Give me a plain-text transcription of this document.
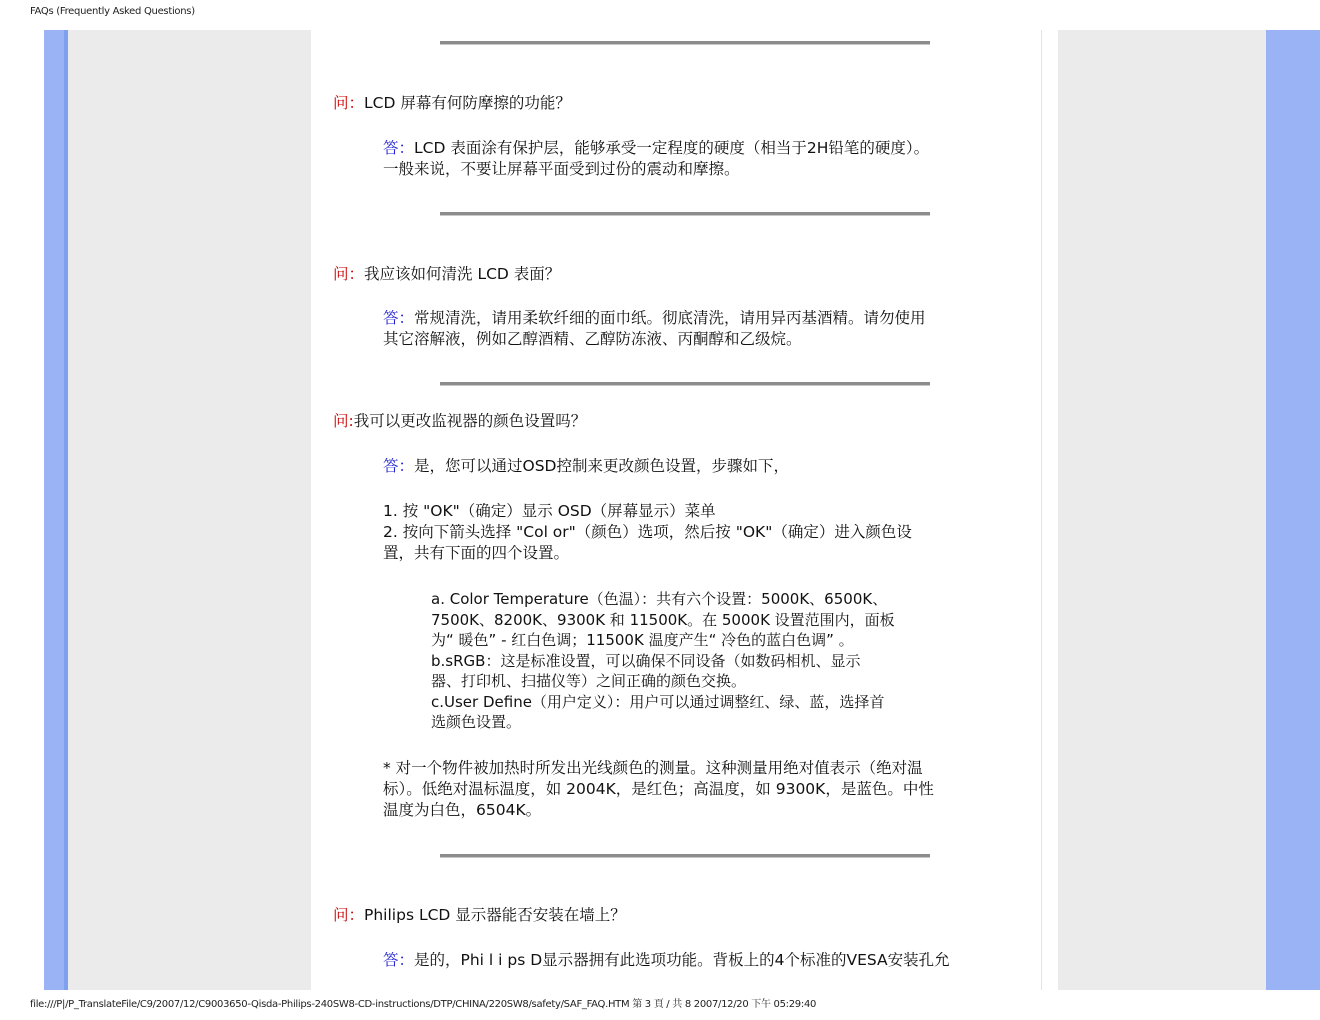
FAQs (Frequently Asked Questions)
问：LCD 屏幕有何防摩擦的功能？
答：LCD 表面涂有保护层，能够承受一定程度的硬度（相当于2H铅笔的硬度）。
一般来说，不要让屏幕平面受到过份的震动和摩擦。
问：我应该如何清洗 LCD 表面？
答：常规清洗，请用柔软纤细的面巾纸。彻底清洗，请用异丙基酒精。请勿使用
其它溶解液，例如乙醇酒精、乙醇防冻液、丙酮醇和乙级烷。
问:我可以更改监视器的颜色设置吗？
答：是，您可以通过OSD控制来更改颜色设置，步骤如下，
1. 按 "OK"（确定）显示 OSD（屏幕显示）菜单
2. 按向下箭头选择 "Col or"（颜色）选项，然后按 "OK"（确定）进入颜色设
置，共有下面的四个设置。
a. Color Temperature（色温）：共有六个设置：5000K、6500K、
7500K、8200K、9300K 和 11500K。在 5000K 设置范围内，面板
为“ 暖色” - 红白色调；11500K 温度产生“ 冷色的蓝白色调” 。
b.sRGB：这是标准设置，可以确保不同设备（如数码相机、显示
器、打印机、扫描仪等）之间正确的颜色交换。
c.User Define（用户定义）：用户可以通过调整红、绿、蓝，选择首
选颜色设置。
* 对一个物件被加热时所发出光线颜色的测量。这种测量用绝对值表示（绝对温
标）。低绝对温标温度，如 2004K，是红色；高温度，如 9300K，是蓝色。中性
温度为白色，6504K。
问：Philips LCD 显示器能否安装在墙上？
答：是的，Phi l i ps D显示器拥有此选项功能。背板上的4个标准的VESA安装孔允
file:///P|/P_TranslateFile/C9/2007/12/C9003650-Qisda-Philips-240SW8-CD-instructions/DTP/CHINA/220SW8/safety/SAF_FAQ.HTM 第 3 頁 / 共 8 2007/12/20 下午 05:29:40
